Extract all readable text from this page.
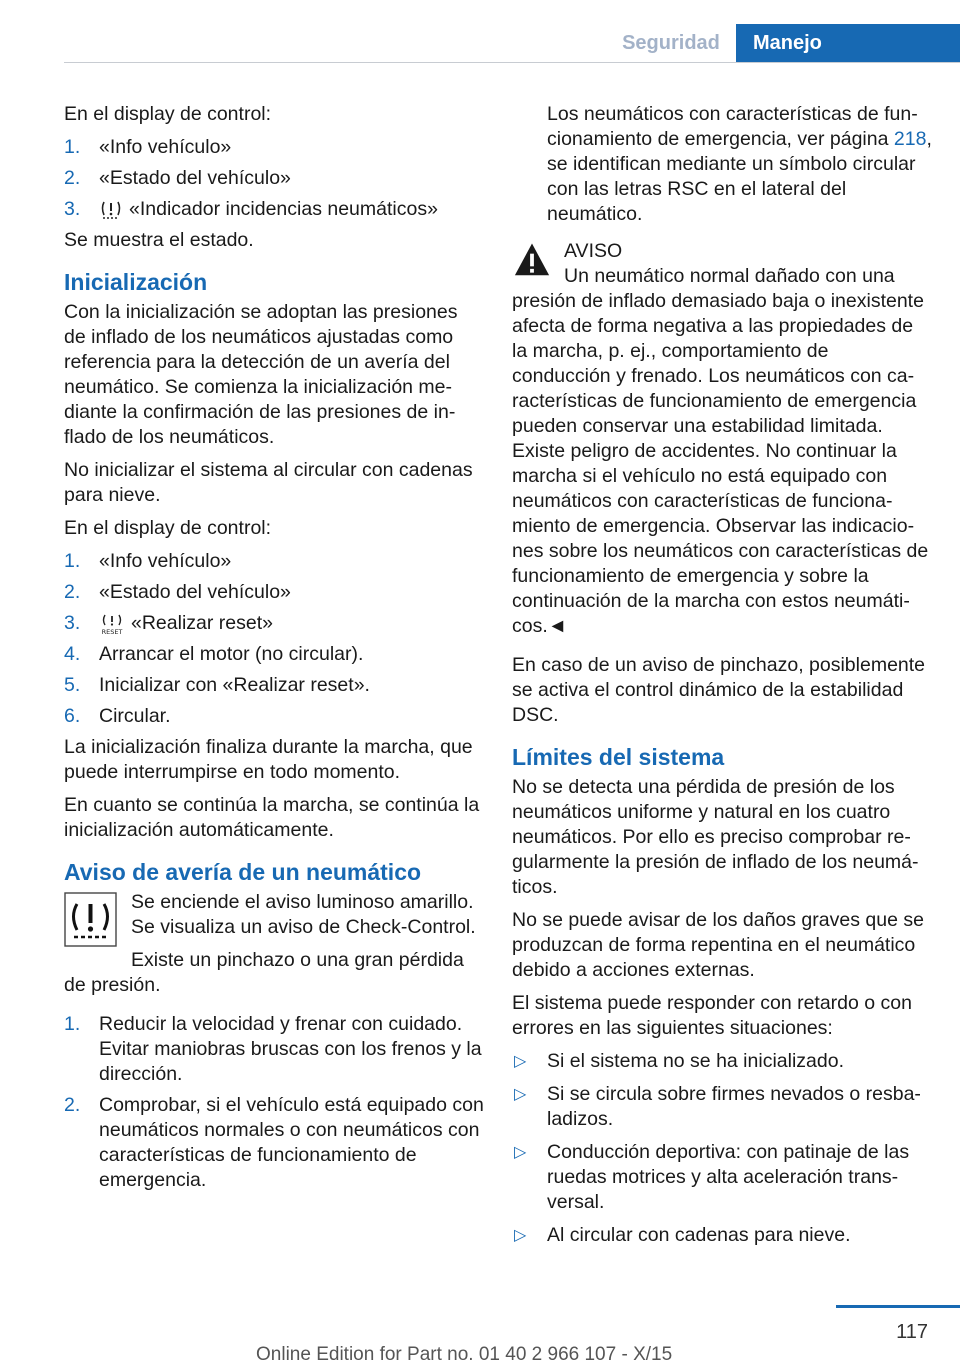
Seguridad	Manejo

En el display de control:

1. «Info vehículo»
2. «Estado del vehículo»
3. «Indicador incidencias neumáticos»

Se muestra el estado.

Inicialización

Con la inicialización se adoptan las presiones de inflado de los neumáticos ajustadas como referencia para la detección de un avería del neumático. Se comienza la inicialización mediante la confirmación de las presiones de inflado de los neumáticos.

No inicializar el sistema al circular con cadenas para nieve.

En el display de control:

1. «Info vehículo»
2. «Estado del vehículo»
3.	RESET «Realizar reset»
4. Arrancar el motor (no circular).
5. Inicializar con «Realizar reset».
6. Circular.

La inicialización finaliza durante la marcha, que puede interrumpirse en todo momento.

En cuanto se continúa la marcha, se continúa la inicialización automáticamente.

Aviso de avería de un neumático

Se enciende el aviso luminoso amarillo. Se visualiza un aviso de Check-Control.

Existe un pinchazo o una gran pérdida de presión.

1. Reducir la velocidad y frenar con cuidado. Evitar maniobras bruscas con los frenos y la dirección.
2. Comprobar, si el vehículo está equipado con neumáticos normales o con neumáticos con características de funcionamiento de emergencia.

Los neumáticos con características de funcionamiento de emergencia, ver página 218, se identifican mediante un símbolo circular con las letras RSC en el lateral del neumático.

AVISO

Un neumático normal dañado con una presión de inflado demasiado baja o inexistente afecta de forma negativa a las propiedades de la marcha, p. ej., comportamiento de conducción y frenado. Los neumáticos con características de funcionamiento de emergencia pueden conservar una estabilidad limitada. Existe peligro de accidentes. No continuar la marcha si el vehículo no está equipado con neumáticos con características de funcionamiento de emergencia. Observar las indicaciones sobre los neumáticos con características de funcionamiento de emergencia y sobre la continuación de la marcha con estos neumáticos.◄

En caso de un aviso de pinchazo, posiblemente se activa el control dinámico de la estabilidad DSC.

Límites del sistema

No se detecta una pérdida de presión de los neumáticos uniforme y natural en los cuatro neumáticos. Por ello es preciso comprobar regularmente la presión de inflado de los neumáticos.

No se puede avisar de los daños graves que se produzcan de forma repentina en el neumático debido a acciones externas.

El sistema puede responder con retardo o con errores en las siguientes situaciones:

▷ Si el sistema no se ha inicializado.
▷ Si se circula sobre firmes nevados o resbaladizos.
▷ Conducción deportiva: con patinaje de las ruedas motrices y alta aceleración transversal.
▷ Al circular con cadenas para nieve.
117
Online Edition for Part no. 01 40 2 966 107 - X/15
